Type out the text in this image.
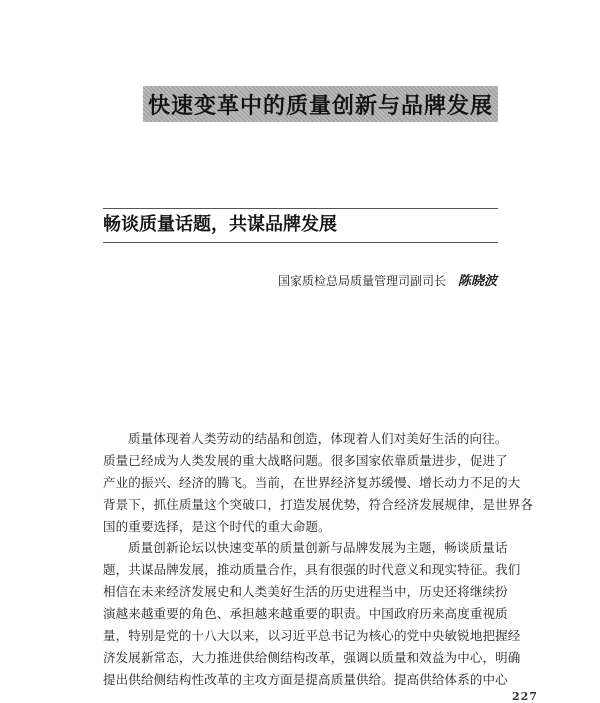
快速变革中的质量创新与品牌发展
畅谈质量话题，共谋品牌发展
国家质检总局质量管理司副司长 陈晓波
质量体现着人类劳动的结晶和创造，体现着人们对美好生活的向往。
质量已经成为人类发展的重大战略问题。很多国家依靠质量进步，促进了
产业的振兴、经济的腾飞。当前，在世界经济复苏缓慢、增长动力不足的大
背景下，抓住质量这个突破口，打造发展优势，符合经济发展规律，是世界各
国的重要选择，是这个时代的重大命题。
质量创新论坛以快速变革的质量创新与品牌发展为主题，畅谈质量话
题，共谋品牌发展，推动质量合作，具有很强的时代意义和现实特征。我们
相信在未来经济发展史和人类美好生活的历史进程当中，历史还将继续扮
演越来越重要的角色、承担越来越重要的职责。中国政府历来高度重视质
量，特别是党的十八大以来，以习近平总书记为核心的党中央敏锐地把握经
济发展新常态，大力推进供给侧结构改革，强调以质量和效益为中心，明确
提出供给侧结构性改革的主攻方面是提高质量供给。提高供给体系的中心
227
